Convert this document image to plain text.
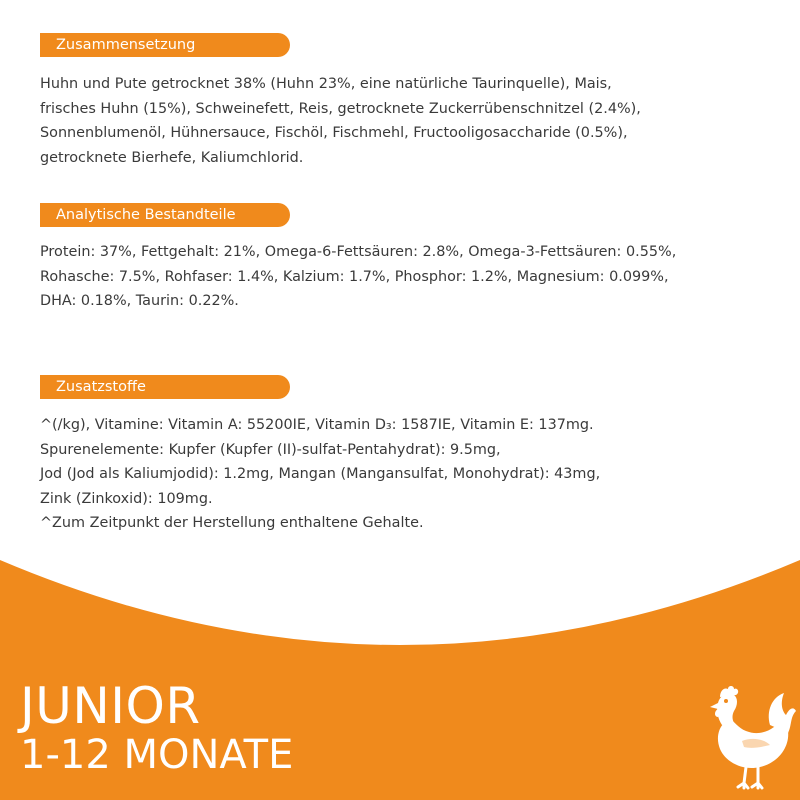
Zusammensetzung
Huhn und Pute getrocknet 38% (Huhn 23%, eine natürliche Taurinquelle), Mais,
frisches Huhn (15%), Schweinefett, Reis, getrocknete Zuckerrübenschnitzel (2.4%),
Sonnenblumenöl, Hühnersauce, Fischöl, Fischmehl, Fructooligosaccharide (0.5%),
getrocknete Bierhefe, Kaliumchlorid.
Analytische Bestandteile
Protein: 37%, Fettgehalt: 21%, Omega-6-Fettsäuren: 2.8%, Omega-3-Fettsäuren: 0.55%,
Rohasche: 7.5%, Rohfaser: 1.4%, Kalzium: 1.7%, Phosphor: 1.2%, Magnesium: 0.099%,
DHA: 0.18%, Taurin: 0.22%.
Zusatzstoffe
^(/kg), Vitamine: Vitamin A: 55200IE, Vitamin D₃: 1587IE, Vitamin E: 137mg.
Spurenelemente: Kupfer (Kupfer (II)-sulfat-Pentahydrat): 9.5mg,
Jod (Jod als Kaliumjodid): 1.2mg, Mangan (Mangansulfat, Monohydrat): 43mg,
Zink (Zinkoxid): 109mg.
^Zum Zeitpunkt der Herstellung enthaltene Gehalte.
JUNIOR
1-12 MONATE
